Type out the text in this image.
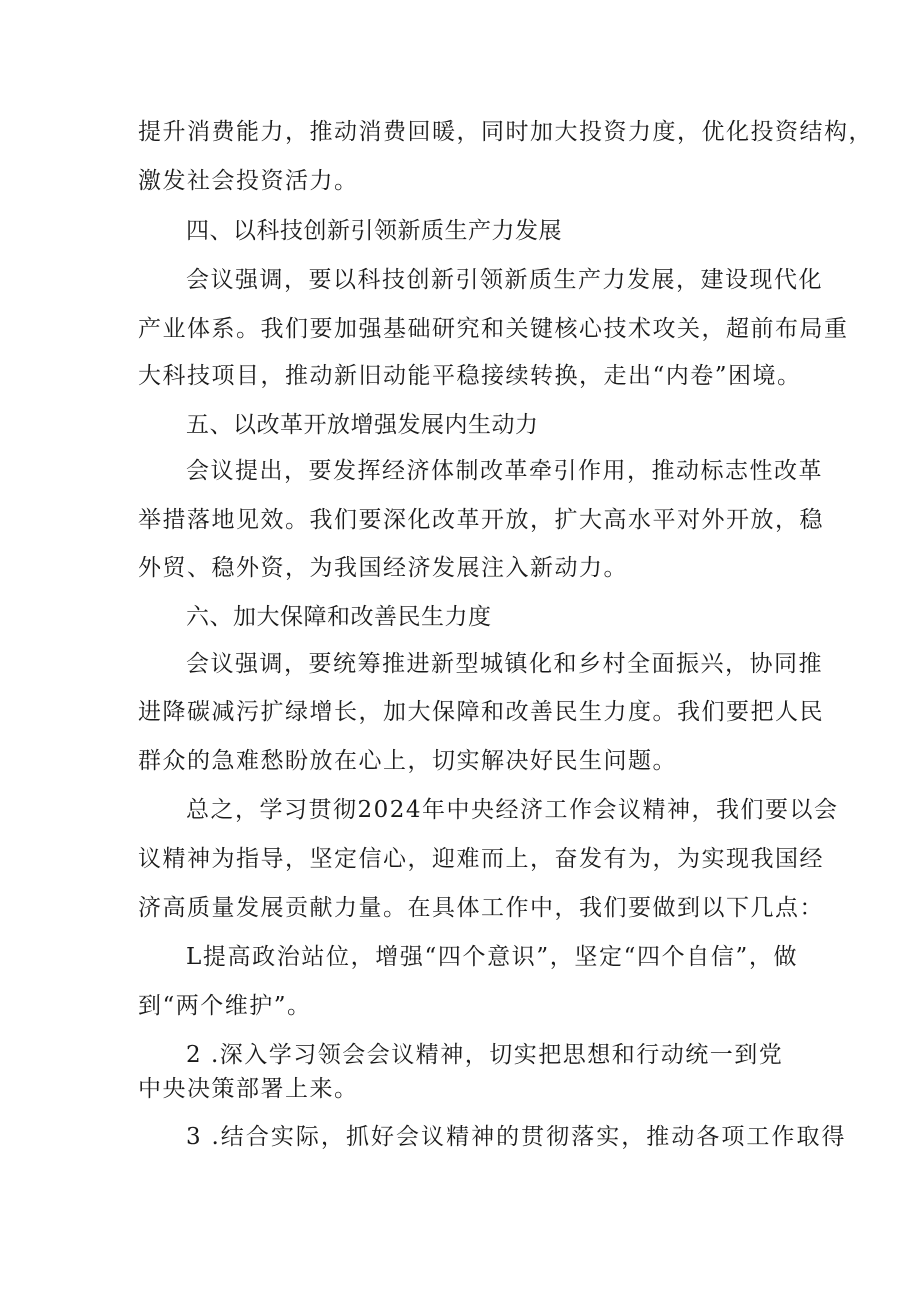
提升消费能力，推动消费回暖，同时加大投资力度，优化投资结构，
激发社会投资活力。
四、以科技创新引领新质生产力发展
会议强调，要以科技创新引领新质生产力发展，建设现代化
产业体系。我们要加强基础研究和关键核心技术攻关，超前布局重
大科技项目，推动新旧动能平稳接续转换，走出“内卷”困境。
五、以改革开放增强发展内生动力
会议提出，要发挥经济体制改革牵引作用，推动标志性改革
举措落地见效。我们要深化改革开放，扩大高水平对外开放，稳
外贸、稳外资，为我国经济发展注入新动力。
六、加大保障和改善民生力度
会议强调，要统筹推进新型城镇化和乡村全面振兴，协同推
进降碳减污扩绿增长，加大保障和改善民生力度。我们要把人民
群众的急难愁盼放在心上，切实解决好民生问题。
总之，学习贯彻2024年中央经济工作会议精神，我们要以会
议精神为指导，坚定信心，迎难而上，奋发有为，为实现我国经
济高质量发展贡献力量。在具体工作中，我们要做到以下几点：
L提高政治站位，增强“四个意识”，坚定“四个自信”，做
到“两个维护”。
2 .深入学习领会会议精神，切实把思想和行动统一到党
中央决策部署上来。
3 .结合实际，抓好会议精神的贯彻落实，推动各项工作取得
